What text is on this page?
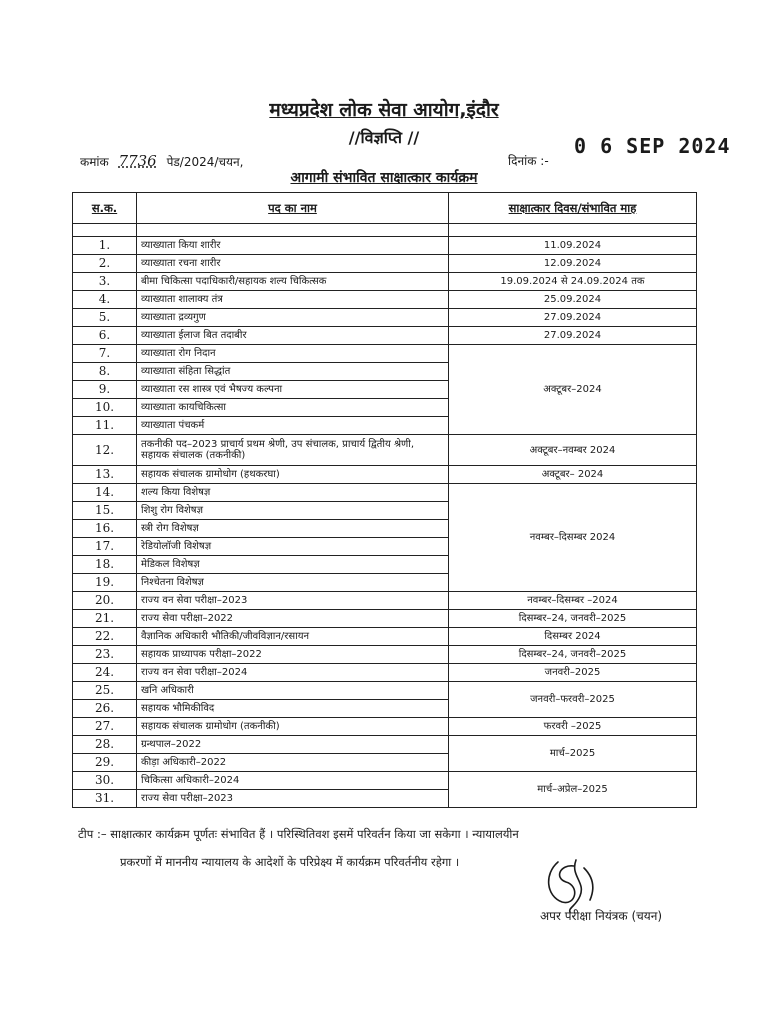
मध्यप्रदेश लोक सेवा आयोग,इंदौर
//विज्ञप्ति //	0 6 SEP 2024
कमांक 7736 पेड/2024/चयन,	दिनांक :-
आगामी संभावित साक्षात्कार कार्यक्रम
स.क.	पद का नाम	साक्षात्कार दिवस/संभावित माह

1.	व्याख्याता किया शारीर	11.09.2024
2.	व्याख्याता रचना शारीर	12.09.2024
3.	बीमा चिकित्सा पदाधिकारी/सहायक शल्य चिकित्सक	19.09.2024 से 24.09.2024 तक
4.	व्याख्याता शालाक्य तंत्र	25.09.2024
5.	व्याख्याता द्रव्यगुण	27.09.2024
6.	व्याख्याता ईलाज बित तदाबीर	27.09.2024
7.	व्याख्याता रोग निदान	अक्टूबर–2024
8.	व्याख्याता संहिता सिद्धांत	
9.	व्याख्याता रस शास्त्र एवं भैषज्य कल्पना	
10.	व्याख्याता कायचिकित्सा	
11.	व्याख्याता पंचकर्म	
12.	तकनीकी पद–2023 प्राचार्य प्रथम श्रेणी, उप संचालक, प्राचार्य द्वितीय श्रेणी, सहायक संचालक (तकनीकी)	अक्टूबर–नवम्बर 2024
13.	सहायक संचालक ग्रामोधोग (हथकरघा)	अक्टूबर– 2024
14.	शल्य किया विशेषज्ञ	नवम्बर–दिसम्बर 2024
15.	शिशु रोग विशेषज्ञ	
16.	स्त्री रोग विशेषज्ञ	
17.	रेडियोलॉजी विशेषज्ञ	
18.	मेडिकल विशेषज्ञ	
19.	निश्चेतना विशेषज्ञ	
20.	राज्य वन सेवा परीक्षा–2023	नवम्बर–दिसम्बर –2024
21.	राज्य सेवा परीक्षा–2022	दिसम्बर–24, जनवरी–2025
22.	वैज्ञानिक अधिकारी भौतिकी/जीवविज्ञान/रसायन	दिसम्बर 2024
23.	सहायक प्राध्यापक परीक्षा–2022	दिसम्बर–24, जनवरी–2025
24.	राज्य वन सेवा परीक्षा–2024	जनवरी–2025
25.	खनि अधिकारी	जनवरी–फरवरी–2025
26.	सहायक भौमिकीविद	
27.	सहायक संचालक ग्रामोधोग (तकनीकी)	फरवरी –2025
28.	ग्रन्थपाल–2022	मार्च–2025
29.	कीड़ा अधिकारी–2022	
30.	चिकित्सा अधिकारी–2024	मार्च–अप्रेल–2025
31.	राज्य सेवा परीक्षा–2023	
टीप :– साक्षात्कार कार्यक्रम पूर्णतः संभावित हैं । परिस्थितिवश इसमें परिवर्तन किया जा सकेगा । न्यायालयीन
प्रकरणों में माननीय न्यायालय के आदेशों के परिप्रेक्ष्य में कार्यक्रम परिवर्तनीय रहेगा ।
अपर परीक्षा नियंत्रक (चयन)
